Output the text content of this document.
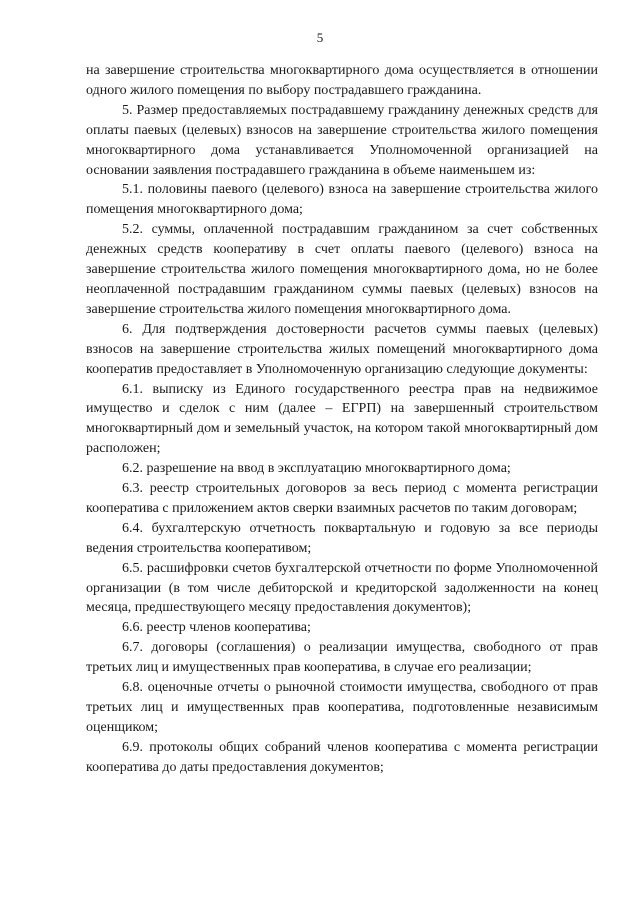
5

на завершение строительства многоквартирного дома осуществляется в отношении одного жилого помещения по выбору пострадавшего гражданина.

5. Размер предоставляемых пострадавшему гражданину денежных средств для оплаты паевых (целевых) взносов на завершение строительства жилого помещения многоквартирного дома устанавливается Уполномоченной организацией на основании заявления пострадавшего гражданина в объеме наименьшем из:

5.1. половины паевого (целевого) взноса на завершение строительства жилого помещения многоквартирного дома;

5.2. суммы, оплаченной пострадавшим гражданином за счет собственных денежных средств кооперативу в счет оплаты паевого (целевого) взноса на завершение строительства жилого помещения многоквартирного дома, но не более неоплаченной пострадавшим гражданином суммы паевых (целевых) взносов на завершение строительства жилого помещения многоквартирного дома.

6. Для подтверждения достоверности расчетов суммы паевых (целевых) взносов на завершение строительства жилых помещений многоквартирного дома кооператив предоставляет в Уполномоченную организацию следующие документы:

6.1. выписку из Единого государственного реестра прав на недвижимое имущество и сделок с ним (далее – ЕГРП) на завершенный строительством многоквартирный дом и земельный участок, на котором такой многоквартирный дом расположен;

6.2. разрешение на ввод в эксплуатацию многоквартирного дома;

6.3. реестр строительных договоров за весь период с момента регистрации кооператива с приложением актов сверки взаимных расчетов по таким договорам;

6.4. бухгалтерскую отчетность поквартальную и годовую за все периоды ведения строительства кооперативом;

6.5. расшифровки счетов бухгалтерской отчетности по форме Уполномоченной организации (в том числе дебиторской и кредиторской задолженности на конец месяца, предшествующего месяцу предоставления документов);

6.6. реестр членов кооператива;

6.7. договоры (соглашения) о реализации имущества, свободного от прав третьих лиц и имущественных прав кооператива, в случае его реализации;

6.8. оценочные отчеты о рыночной стоимости имущества, свободного от прав третьих лиц и имущественных прав кооператива, подготовленные независимым оценщиком;

6.9. протоколы общих собраний членов кооператива с момента регистрации кооператива до даты предоставления документов;
